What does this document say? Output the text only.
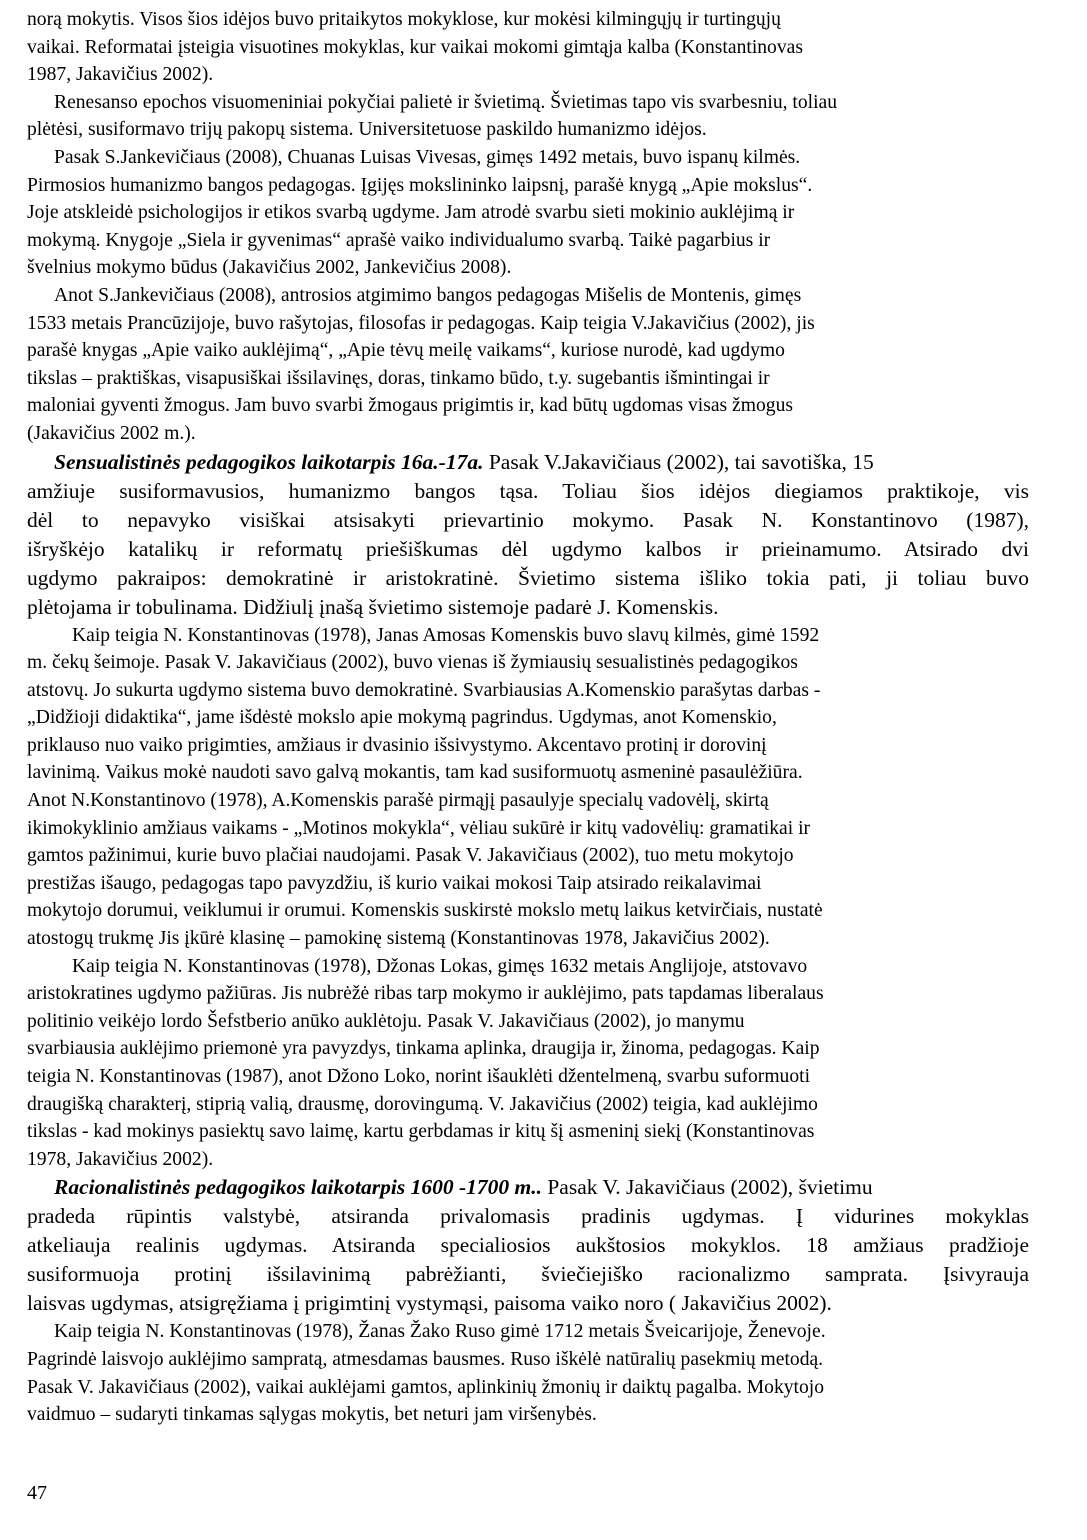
norą mokytis. Visos šios idėjos buvo pritaikytos mokyklose, kur mokėsi kilmingųjų ir turtingųjų
vaikai. Reformatai įsteigia visuotines mokyklas, kur vaikai mokomi gimtąja kalba (Konstantinovas
1987, Jakavičius 2002).
Renesanso epochos visuomeniniai pokyčiai palietė ir švietimą. Švietimas tapo vis svarbesniu, toliau
plėtėsi, susiformavo trijų pakopų sistema. Universitetuose paskildo humanizmo idėjos.
Pasak S.Jankevičiaus (2008), Chuanas Luisas Vivesas, gimęs 1492 metais, buvo ispanų kilmės.
Pirmosios humanizmo bangos pedagogas. Įgijęs mokslininko laipsnį, parašė knygą „Apie mokslus“.
Joje atskleidė psichologijos ir etikos svarbą ugdyme. Jam atrodė svarbu sieti mokinio auklėjimą ir
mokymą. Knygoje „Siela ir gyvenimas“ aprašė vaiko individualumo svarbą. Taikė pagarbius ir
švelnius mokymo būdus (Jakavičius 2002, Jankevičius 2008).
Anot S.Jankevičiaus (2008), antrosios atgimimo bangos pedagogas Mišelis de Montenis, gimęs
1533 metais Prancūzijoje, buvo rašytojas, filosofas ir pedagogas. Kaip teigia V.Jakavičius (2002), jis
parašė knygas „Apie vaiko auklėjimą“, „Apie tėvų meilę vaikams“, kuriose nurodė, kad ugdymo
tikslas – praktiškas, visapusiškai išsilavinęs, doras, tinkamo būdo, t.y. sugebantis išmintingai ir
maloniai gyventi žmogus. Jam buvo svarbi žmogaus prigimtis ir, kad būtų ugdomas visas žmogus
(Jakavičius 2002 m.).
Sensualistinės pedagogikos laikotarpis 16a.-17a. Pasak V.Jakavičiaus (2002), tai savotiška, 15
amžiuje susiformavusios, humanizmo bangos tąsa. Toliau šios idėjos diegiamos praktikoje, vis
dėl to nepavyko visiškai atsisakyti prievartinio mokymo. Pasak N. Konstantinovo (1987),
išryškėjo katalikų ir reformatų priešiškumas dėl ugdymo kalbos ir prieinamumo. Atsirado dvi
ugdymo pakraipos: demokratinė ir aristokratinė. Švietimo sistema išliko tokia pati, ji toliau buvo
plėtojama ir tobulinama. Didžiulį įnašą švietimo sistemoje padarė J. Komenskis.
Kaip teigia N. Konstantinovas (1978), Janas Amosas Komenskis buvo slavų kilmės, gimė 1592
m. čekų šeimoje. Pasak V. Jakavičiaus (2002), buvo vienas iš žymiausių sesualistinės pedagogikos
atstovų. Jo sukurta ugdymo sistema buvo demokratinė. Svarbiausias A.Komenskio parašytas darbas -
„Didžioji didaktika“, jame išdėstė mokslo apie mokymą pagrindus. Ugdymas, anot Komenskio,
priklauso nuo vaiko prigimties, amžiaus ir dvasinio išsivystymo. Akcentavo protinį ir dorovinį
lavinimą. Vaikus mokė naudoti savo galvą mokantis, tam kad susiformuotų asmeninė pasaulėžiūra.
Anot N.Konstantinovo (1978), A.Komenskis parašė pirmąjį pasaulyje specialų vadovėlį, skirtą
ikimokyklinio amžiaus vaikams - „Motinos mokykla“, vėliau sukūrė ir kitų vadovėlių: gramatikai ir
gamtos pažinimui, kurie buvo plačiai naudojami. Pasak V. Jakavičiaus (2002), tuo metu mokytojo
prestižas išaugo, pedagogas tapo pavyzdžiu, iš kurio vaikai mokosi Taip atsirado reikalavimai
mokytojo dorumui, veiklumui ir orumui. Komenskis suskirstė mokslo metų laikus ketvirčiais, nustatė
atostogų trukmę Jis įkūrė klasinę – pamokinę sistemą (Konstantinovas 1978, Jakavičius 2002).
Kaip teigia N. Konstantinovas (1978), Džonas Lokas, gimęs 1632 metais Anglijoje, atstovavo
aristokratines ugdymo pažiūras. Jis nubrėžė ribas tarp mokymo ir auklėjimo, pats tapdamas liberalaus
politinio veikėjo lordo Šefstberio anūko auklėtoju. Pasak V. Jakavičiaus (2002), jo manymu
svarbiausia auklėjimo priemonė yra pavyzdys, tinkama aplinka, draugija ir, žinoma, pedagogas. Kaip
teigia N. Konstantinovas (1987), anot Džono Loko, norint išauklėti džentelmeną, svarbu suformuoti
draugišką charakterį, stiprią valią, drausmę, dorovingumą. V. Jakavičius (2002) teigia, kad auklėjimo
tikslas - kad mokinys pasiektų savo laimę, kartu gerbdamas ir kitų šį asmeninį siekį (Konstantinovas
1978, Jakavičius 2002).
Racionalistinės pedagogikos laikotarpis 1600 -1700 m.. Pasak V. Jakavičiaus (2002), švietimu
pradeda rūpintis valstybė, atsiranda privalomasis pradinis ugdymas. Į vidurines mokyklas
atkeliauja realinis ugdymas. Atsiranda specialiosios aukštosios mokyklos. 18 amžiaus pradžioje
susiformuoja protinį išsilavinimą pabrėžianti, šviečiejiško racionalizmo samprata. Įsivyrauja
laisvas ugdymas, atsigręžiama į prigimtinį vystymąsi, paisoma vaiko noro ( Jakavičius 2002).
Kaip teigia N. Konstantinovas (1978), Žanas Žako Ruso gimė 1712 metais Šveicarijoje, Ženevoje.
Pagrindė laisvojo auklėjimo sampratą, atmesdamas bausmes. Ruso iškėlė natūralių pasekmių metodą.
Pasak V. Jakavičiaus (2002), vaikai auklėjami gamtos, aplinkinių žmonių ir daiktų pagalba. Mokytojo
vaidmuo – sudaryti tinkamas sąlygas mokytis, bet neturi jam viršenybės.
47
